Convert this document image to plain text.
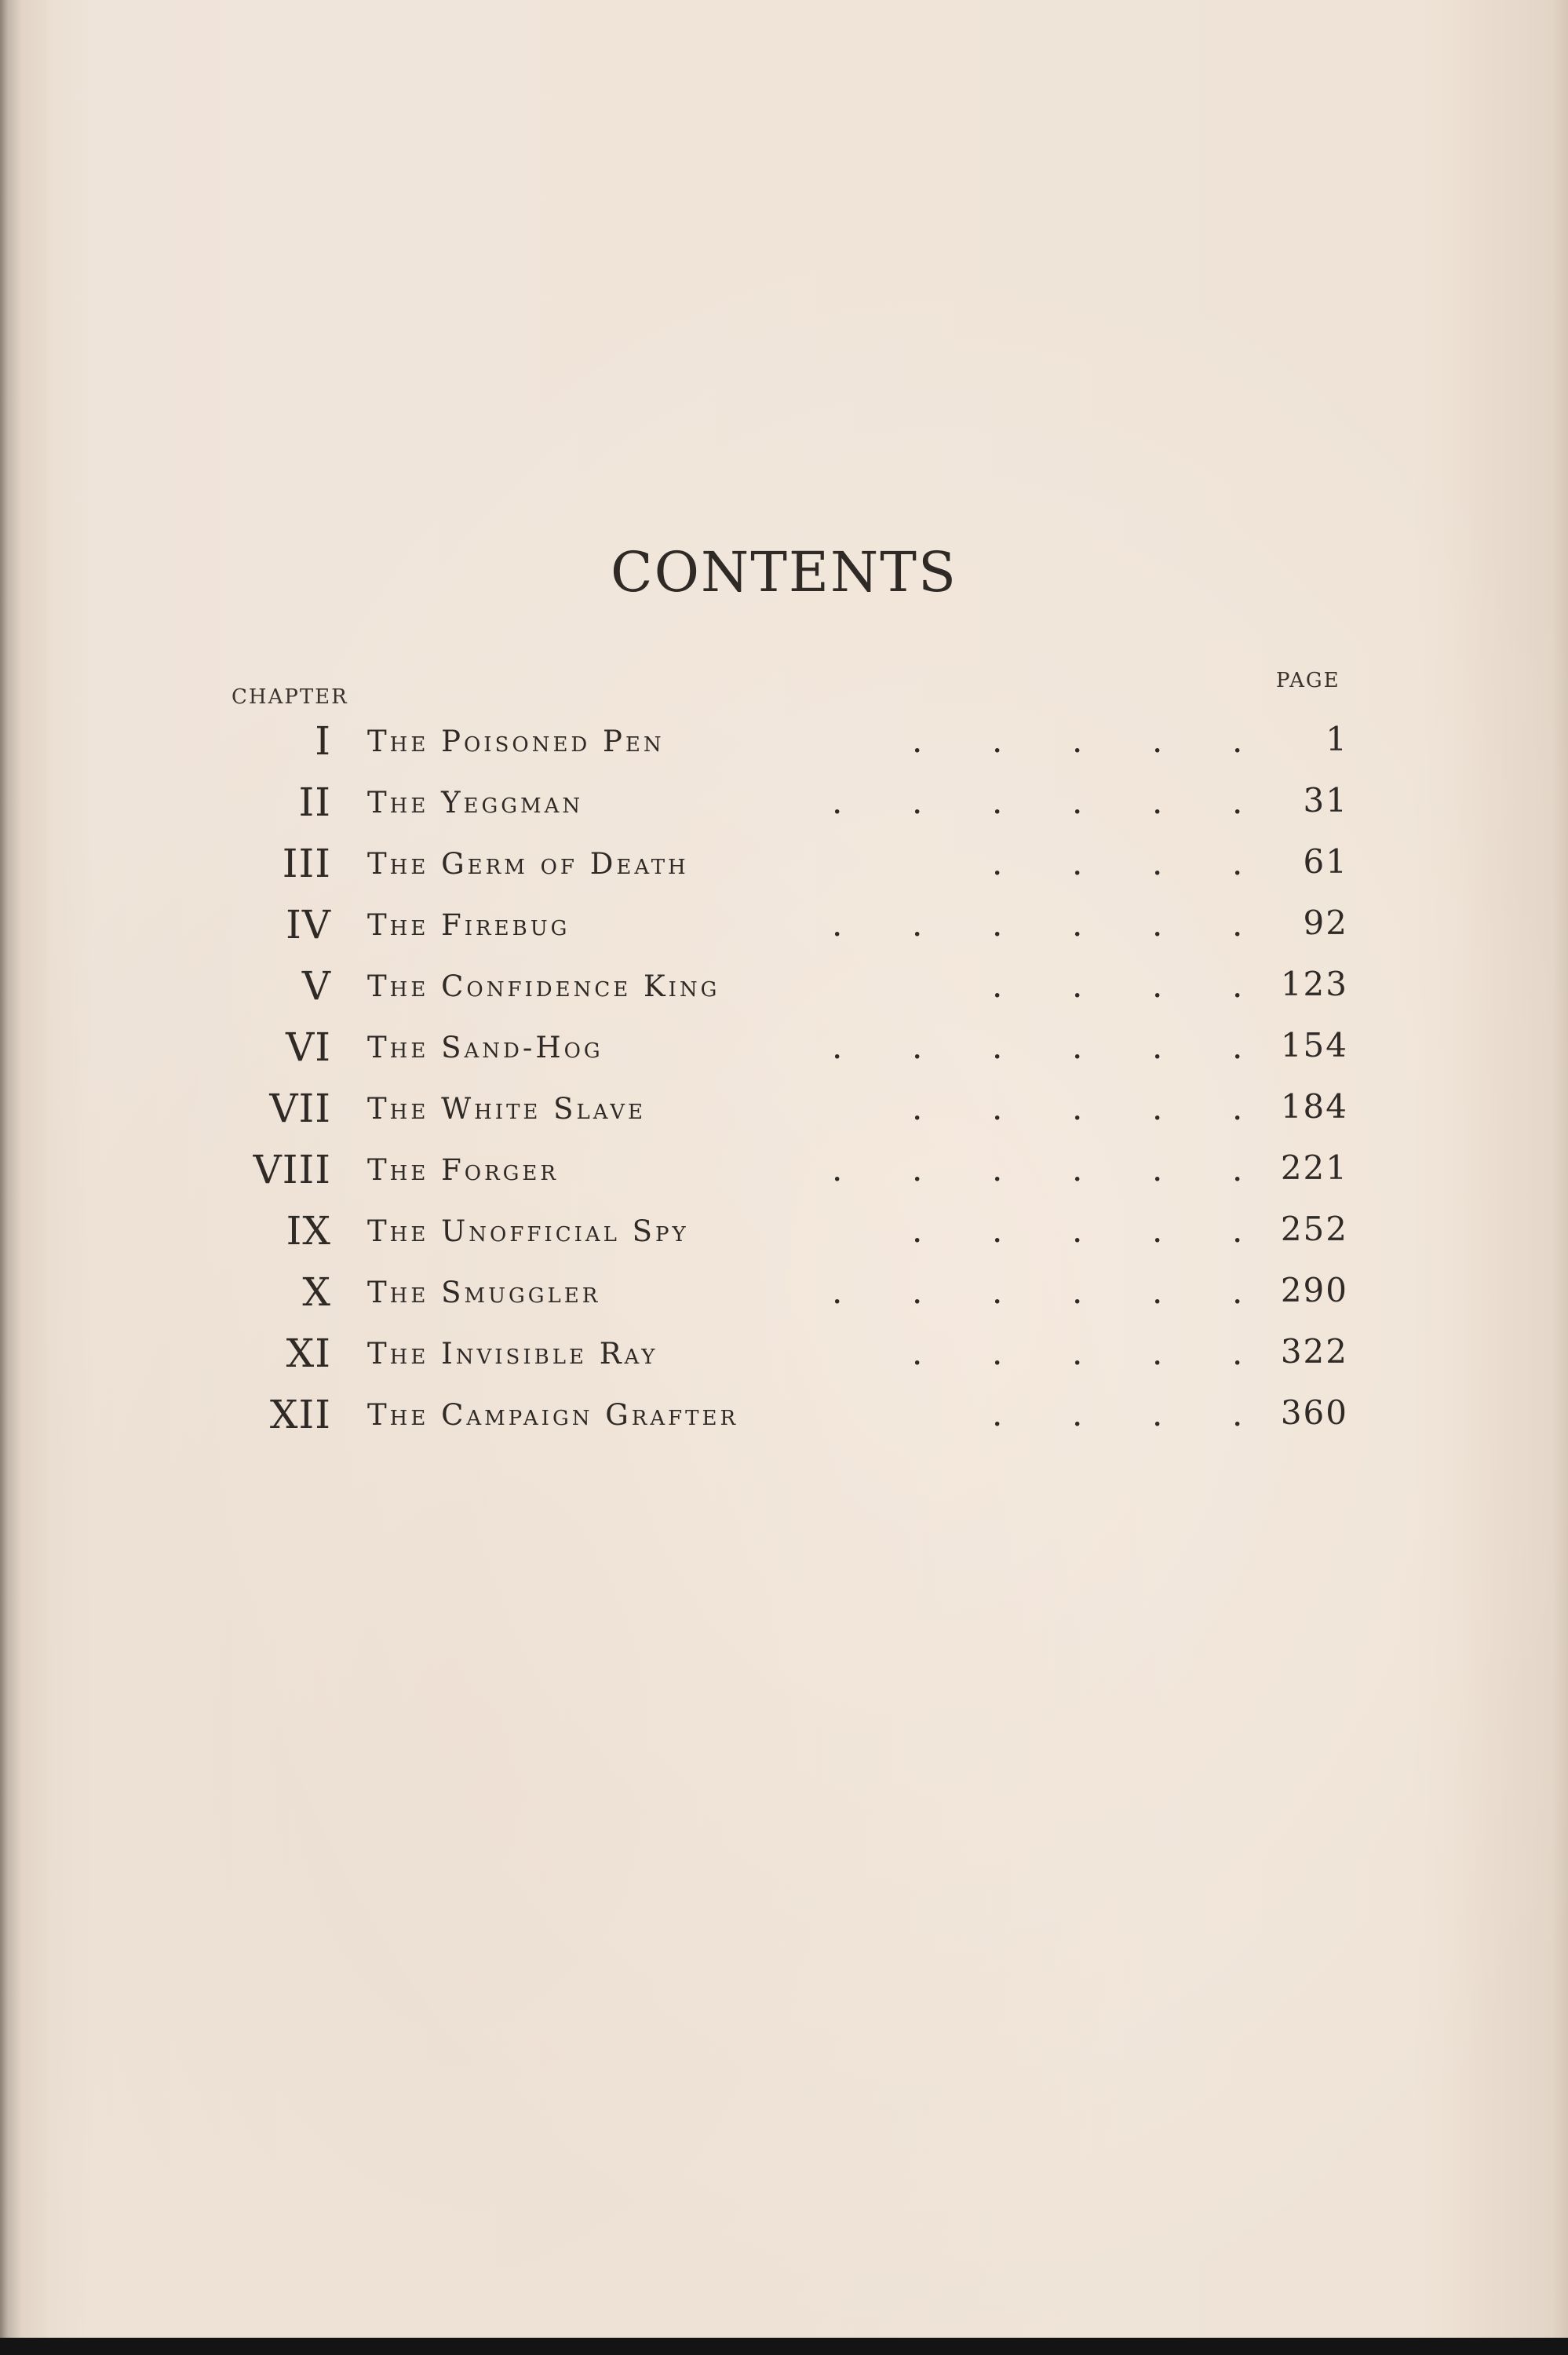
CONTENTS
CHAPTER
PAGE
I The Poisoned Pen	. . . . .	1
II The Yeggman	. . . . . . 31
III The Germ of Death	. . . . 61
IV The Firebug	. . . . . . 92
V The Confidence King	. . . . 123
VI The Sand-Hog	. . . . . . 154
VII The White Slave	. . . . . 184
VIII The Forger	. . . . . . 221
IX The Unofficial Spy	. . . . . 252
X The Smuggler	. . . . . . 290
XI The Invisible Ray	. . . . . 322
XII The Campaign Grafter	. . . . 360
